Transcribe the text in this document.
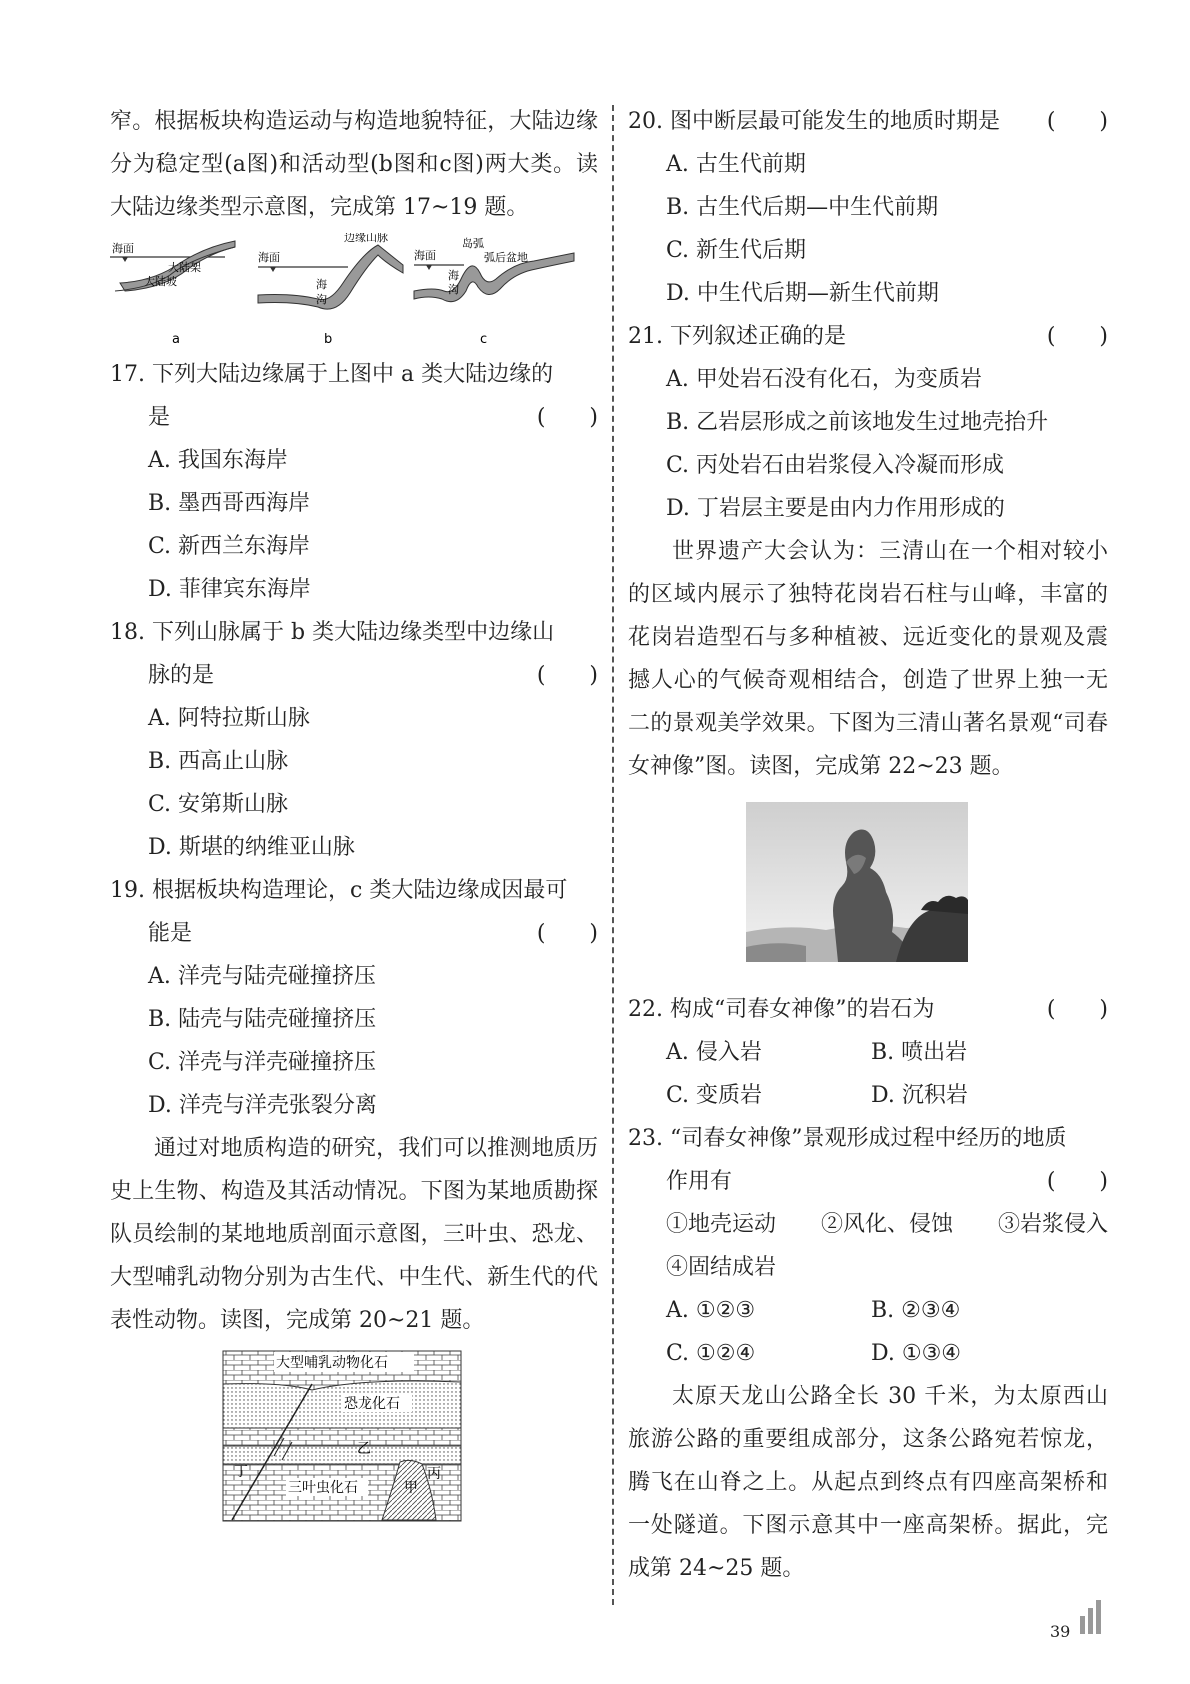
窄。根据板块构造运动与构造地貌特征，大陆边缘分为稳定型(a图)和活动型(b图和c图)两大类。读大陆边缘类型示意图，完成第 17~19 题。

海面
大陆架
大陆坡
a
海面
边缘山脉
海
沟
b
海面
岛弧
弧后盆地
海
沟
c
17. 下列大陆边缘属于上图中 a 类大陆边缘的
是	(　　)

A. 我国东海岸

B. 墨西哥西海岸

C. 新西兰东海岸

D. 菲律宾东海岸

18. 下列山脉属于 b 类大陆边缘类型中边缘山
脉的是	(　　)

A. 阿特拉斯山脉

B. 西高止山脉

C. 安第斯山脉

D. 斯堪的纳维亚山脉

19. 根据板块构造理论，c 类大陆边缘成因最可
能是	(　　)

A. 洋壳与陆壳碰撞挤压

B. 陆壳与陆壳碰撞挤压

C. 洋壳与洋壳碰撞挤压

D. 洋壳与洋壳张裂分离

通过对地质构造的研究，我们可以推测地质历史上生物、构造及其活动情况。下图为某地质勘探队员绘制的某地地质剖面示意图，三叶虫、恐龙、大型哺乳动物分别为古生代、中生代、新生代的代表性动物。读图，完成第 20~21 题。

大型哺乳动物化石
恐龙化石
乙
丁
三叶虫化石	甲
丙
20. 图中断层最可能发生的地质时期是 (　　)

A. 古生代前期

B. 古生代后期—中生代前期

C. 新生代后期

D. 中生代后期—新生代前期

21. 下列叙述正确的是	(　　)

A. 甲处岩石没有化石，为变质岩

B. 乙岩层形成之前该地发生过地壳抬升

C. 丙处岩石由岩浆侵入冷凝而形成

D. 丁岩层主要是由内力作用形成的

世界遗产大会认为：三清山在一个相对较小的区域内展示了独特花岗岩石柱与山峰，丰富的花岗岩造型石与多种植被、远近变化的景观及震撼人心的气候奇观相结合，创造了世界上独一无二的景观美学效果。下图为三清山著名景观“司春女神像”图。读图，完成第 22~23 题。

22. 构成“司春女神像”的岩石为	(　　)
A. 侵入岩	B. 喷出岩
C. 变质岩	D. 沉积岩
23. “司春女神像”景观形成过程中经历的地质
作用有	(　　)
①地壳运动 ②风化、侵蚀 ③岩浆侵入

④固结成岩

A. ①②③	B. ②③④
C. ①②④	D. ①③④

太原天龙山公路全长 30 千米，为太原西山旅游公路的重要组成部分，这条公路宛若惊龙，腾飞在山脊之上。从起点到终点有四座高架桥和一处隧道。下图示意其中一座高架桥。据此，完成第 24~25 题。

39
